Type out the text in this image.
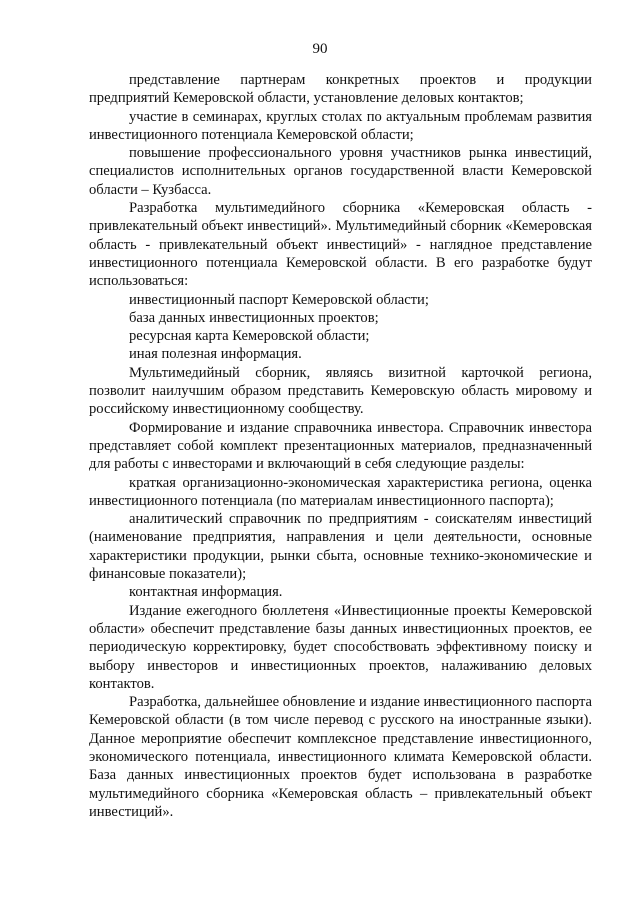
90

представление партнерам конкретных проектов и продукции предприятий Кемеровской области, установление деловых контактов;

участие в семинарах, круглых столах по актуальным проблемам развития инвестиционного потенциала Кемеровской области;

повышение профессионального уровня участников рынка инвестиций, специалистов исполнительных органов государственной власти Кемеровской области – Кузбасса.

Разработка мультимедийного сборника «Кемеровская область - привлекательный объект инвестиций». Мультимедийный сборник «Кемеровская область - привлекательный объект инвестиций» - наглядное представление инвестиционного потенциала Кемеровской области. В его разработке будут использоваться:

инвестиционный паспорт Кемеровской области;

база данных инвестиционных проектов;

ресурсная карта Кемеровской области;

иная полезная информация.

Мультимедийный сборник, являясь визитной карточкой региона, позволит наилучшим образом представить Кемеровскую область мировому и российскому инвестиционному сообществу.

Формирование и издание справочника инвестора. Справочник инвестора представляет собой комплект презентационных материалов, предназначенный для работы с инвесторами и включающий в себя следующие разделы:

краткая организационно-экономическая характеристика региона, оценка инвестиционного потенциала (по материалам инвестиционного паспорта);

аналитический справочник по предприятиям - соискателям инвестиций (наименование предприятия, направления и цели деятельности, основные характеристики продукции, рынки сбыта, основные технико-экономические и финансовые показатели);

контактная информация.

Издание ежегодного бюллетеня «Инвестиционные проекты Кемеровской области» обеспечит представление базы данных инвестиционных проектов, ее периодическую корректировку, будет способствовать эффективному поиску и выбору инвесторов и инвестиционных проектов, налаживанию деловых контактов.

Разработка, дальнейшее обновление и издание инвестиционного паспорта Кемеровской области (в том числе перевод с русского на иностранные языки). Данное мероприятие обеспечит комплексное представление инвестиционного, экономического потенциала, инвестиционного климата Кемеровской области. База данных инвестиционных проектов будет использована в разработке мультимедийного сборника «Кемеровская область – привлекательный объект инвестиций».
